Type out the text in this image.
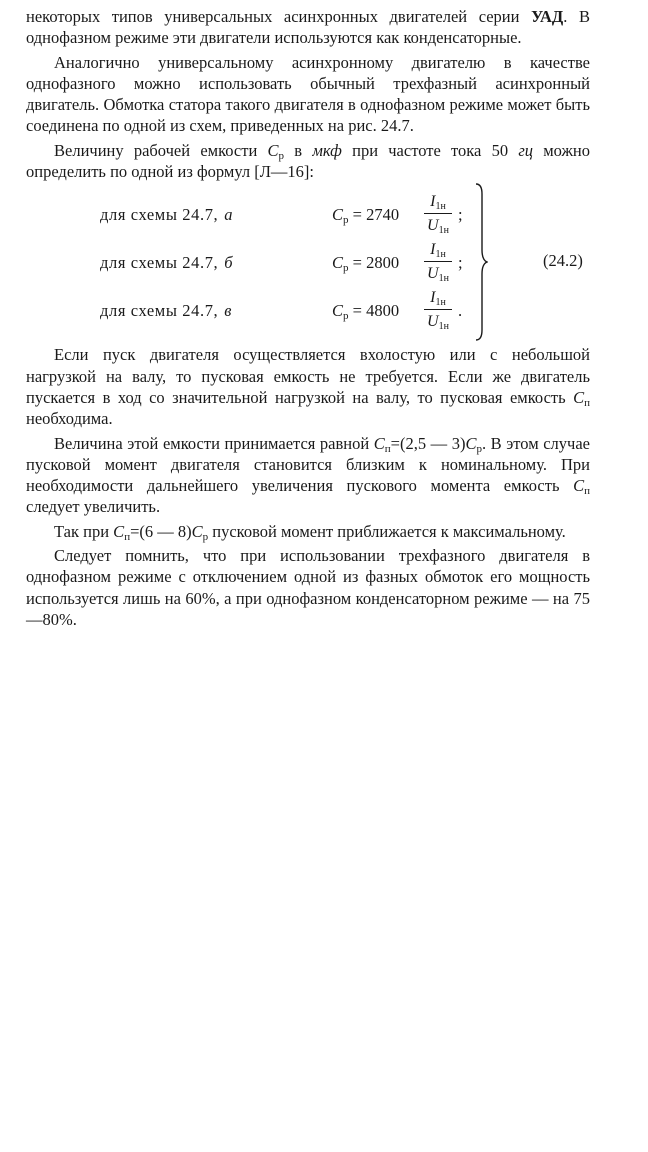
некоторых типов универсальных асинхронных двигателей серии УАД. В однофазном режиме эти двигатели используются как конденсаторные.

Аналогично универсальному асинхронному двигателю в качестве однофазного можно использовать обычный трехфазный асинхронный двигатель. Обмотка статора такого двигателя в однофазном режиме может быть соединена по одной из схем, приведенных на рис. 24.7.

Величину рабочей емкости $C_р$ в мкф при частоте тока 50 гц можно определить по одной из формул [Л—16]:

для схемы 24.7, а	$C_р = 2740$
$I_{1н}$
$U_{1н}$
;
для схемы 24.7, б	$C_р = 2800$
$I_{1н}$
$U_{1н}$
;
для схемы 24.7, в	$C_р = 4800$
$I_{1н}$
$U_{1н}$
.
(24.2)

Если пуск двигателя осуществляется вхолостую или с небольшой нагрузкой на валу, то пусковая емкость не требуется. Если же двигатель пускается в ход со значительной нагрузкой на валу, то пусковая емкость $C_п$ необходима.

Величина этой емкости принимается равной $C_п=(2,5$ — $3)C_р$. В этом случае пусковой момент двигателя становится близким к номинальному. При необходимости дальнейшего увеличения пускового момента емкость $C_п$ следует увеличить.

Так при $C_п=(6$ — $8)C_р$ пусковой момент приближается к максимальному.

Следует помнить, что при использовании трехфазного двигателя в однофазном режиме с отключением одной из фазных обмоток его мощность используется лишь на 60%, а при однофазном конденсаторном режиме — на 75—80%.
